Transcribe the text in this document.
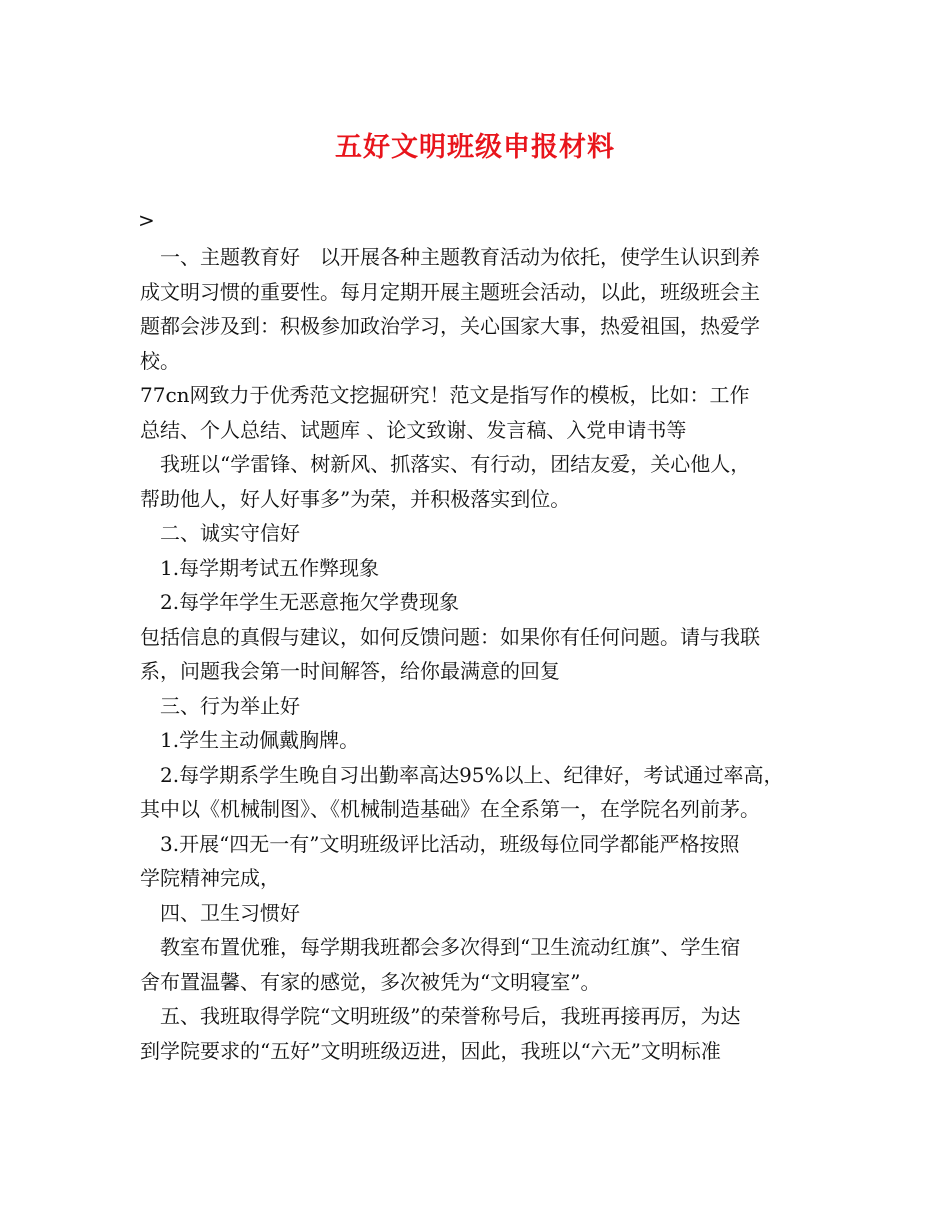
五好文明班级申报材料
>

一、主题教育好　以开展各种主题教育活动为依托，使学生认识到养

成文明习惯的重要性。每月定期开展主题班会活动，以此，班级班会主

题都会涉及到：积极参加政治学习，关心国家大事，热爱祖国，热爱学

校。

77cn网致力于优秀范文挖掘研究！范文是指写作的模板，比如：工作

总结、个人总结、试题库 、论文致谢、发言稿、入党申请书等

我班以“学雷锋、树新风、抓落实、有行动，团结友爱，关心他人，

帮助他人，好人好事多”为荣，并积极落实到位。

二、诚实守信好

1.每学期考试五作弊现象

2.每学年学生无恶意拖欠学费现象

包括信息的真假与建议，如何反馈问题：如果你有任何问题。请与我联

系，问题我会第一时间解答，给你最满意的回复

三、行为举止好

1.学生主动佩戴胸牌。

2.每学期系学生晚自习出勤率高达95%以上、纪律好，考试通过率高，

其中以《机械制图》、《机械制造基础》在全系第一，在学院名列前茅。

3.开展“四无一有”文明班级评比活动，班级每位同学都能严格按照

学院精神完成，

四、卫生习惯好

教室布置优雅，每学期我班都会多次得到“卫生流动红旗”、学生宿

舍布置温馨、有家的感觉，多次被凭为“文明寝室”。

五、我班取得学院“文明班级”的荣誉称号后，我班再接再厉，为达

到学院要求的“五好”文明班级迈进，因此，我班以“六无”文明标准
